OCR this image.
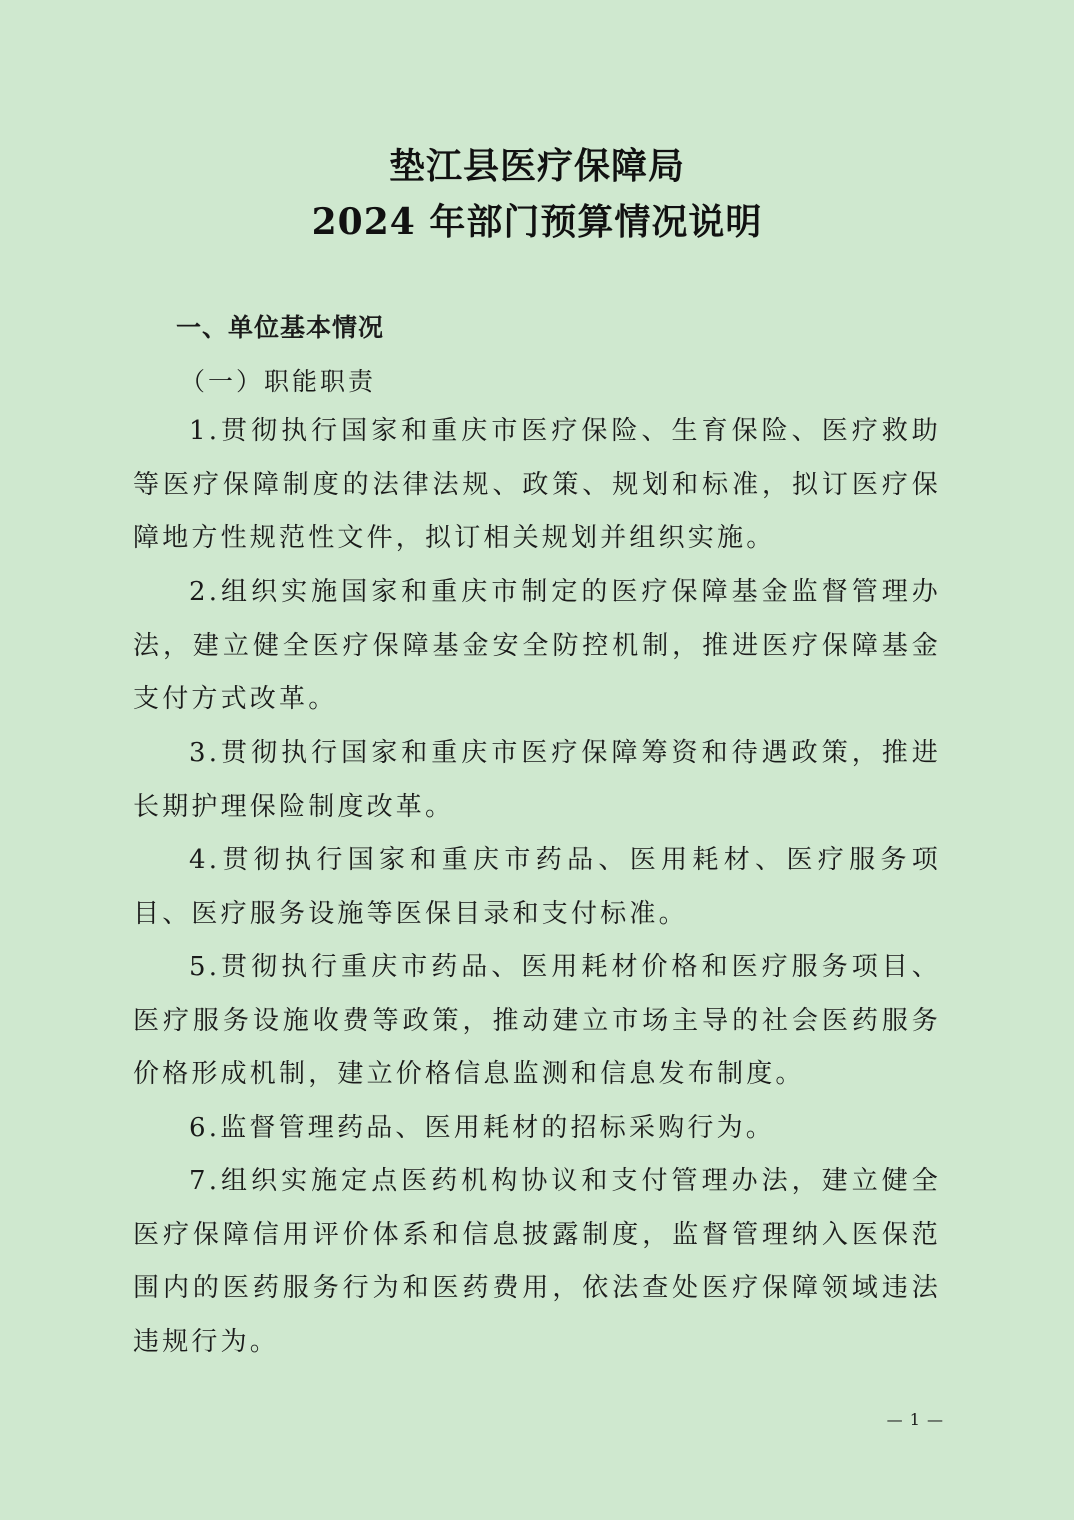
垫江县医疗保障局
2024 年部门预算情况说明
一、单位基本情况
（一）职能职责

1.贯彻执行国家和重庆市医疗保险、生育保险、医疗救助等医疗保障制度的法律法规、政策、规划和标准，拟订医疗保障地方性规范性文件，拟订相关规划并组织实施。

2.组织实施国家和重庆市制定的医疗保障基金监督管理办法，建立健全医疗保障基金安全防控机制，推进医疗保障基金支付方式改革。

3.贯彻执行国家和重庆市医疗保障筹资和待遇政策，推进长期护理保险制度改革。

4.贯彻执行国家和重庆市药品、医用耗材、医疗服务项目、医疗服务设施等医保目录和支付标准。

5.贯彻执行重庆市药品、医用耗材价格和医疗服务项目、医疗服务设施收费等政策，推动建立市场主导的社会医药服务价格形成机制，建立价格信息监测和信息发布制度。

6.监督管理药品、医用耗材的招标采购行为。

7.组织实施定点医药机构协议和支付管理办法，建立健全医疗保障信用评价体系和信息披露制度，监督管理纳入医保范围内的医药服务行为和医药费用，依法查处医疗保障领域违法违规行为。

— 1 —
